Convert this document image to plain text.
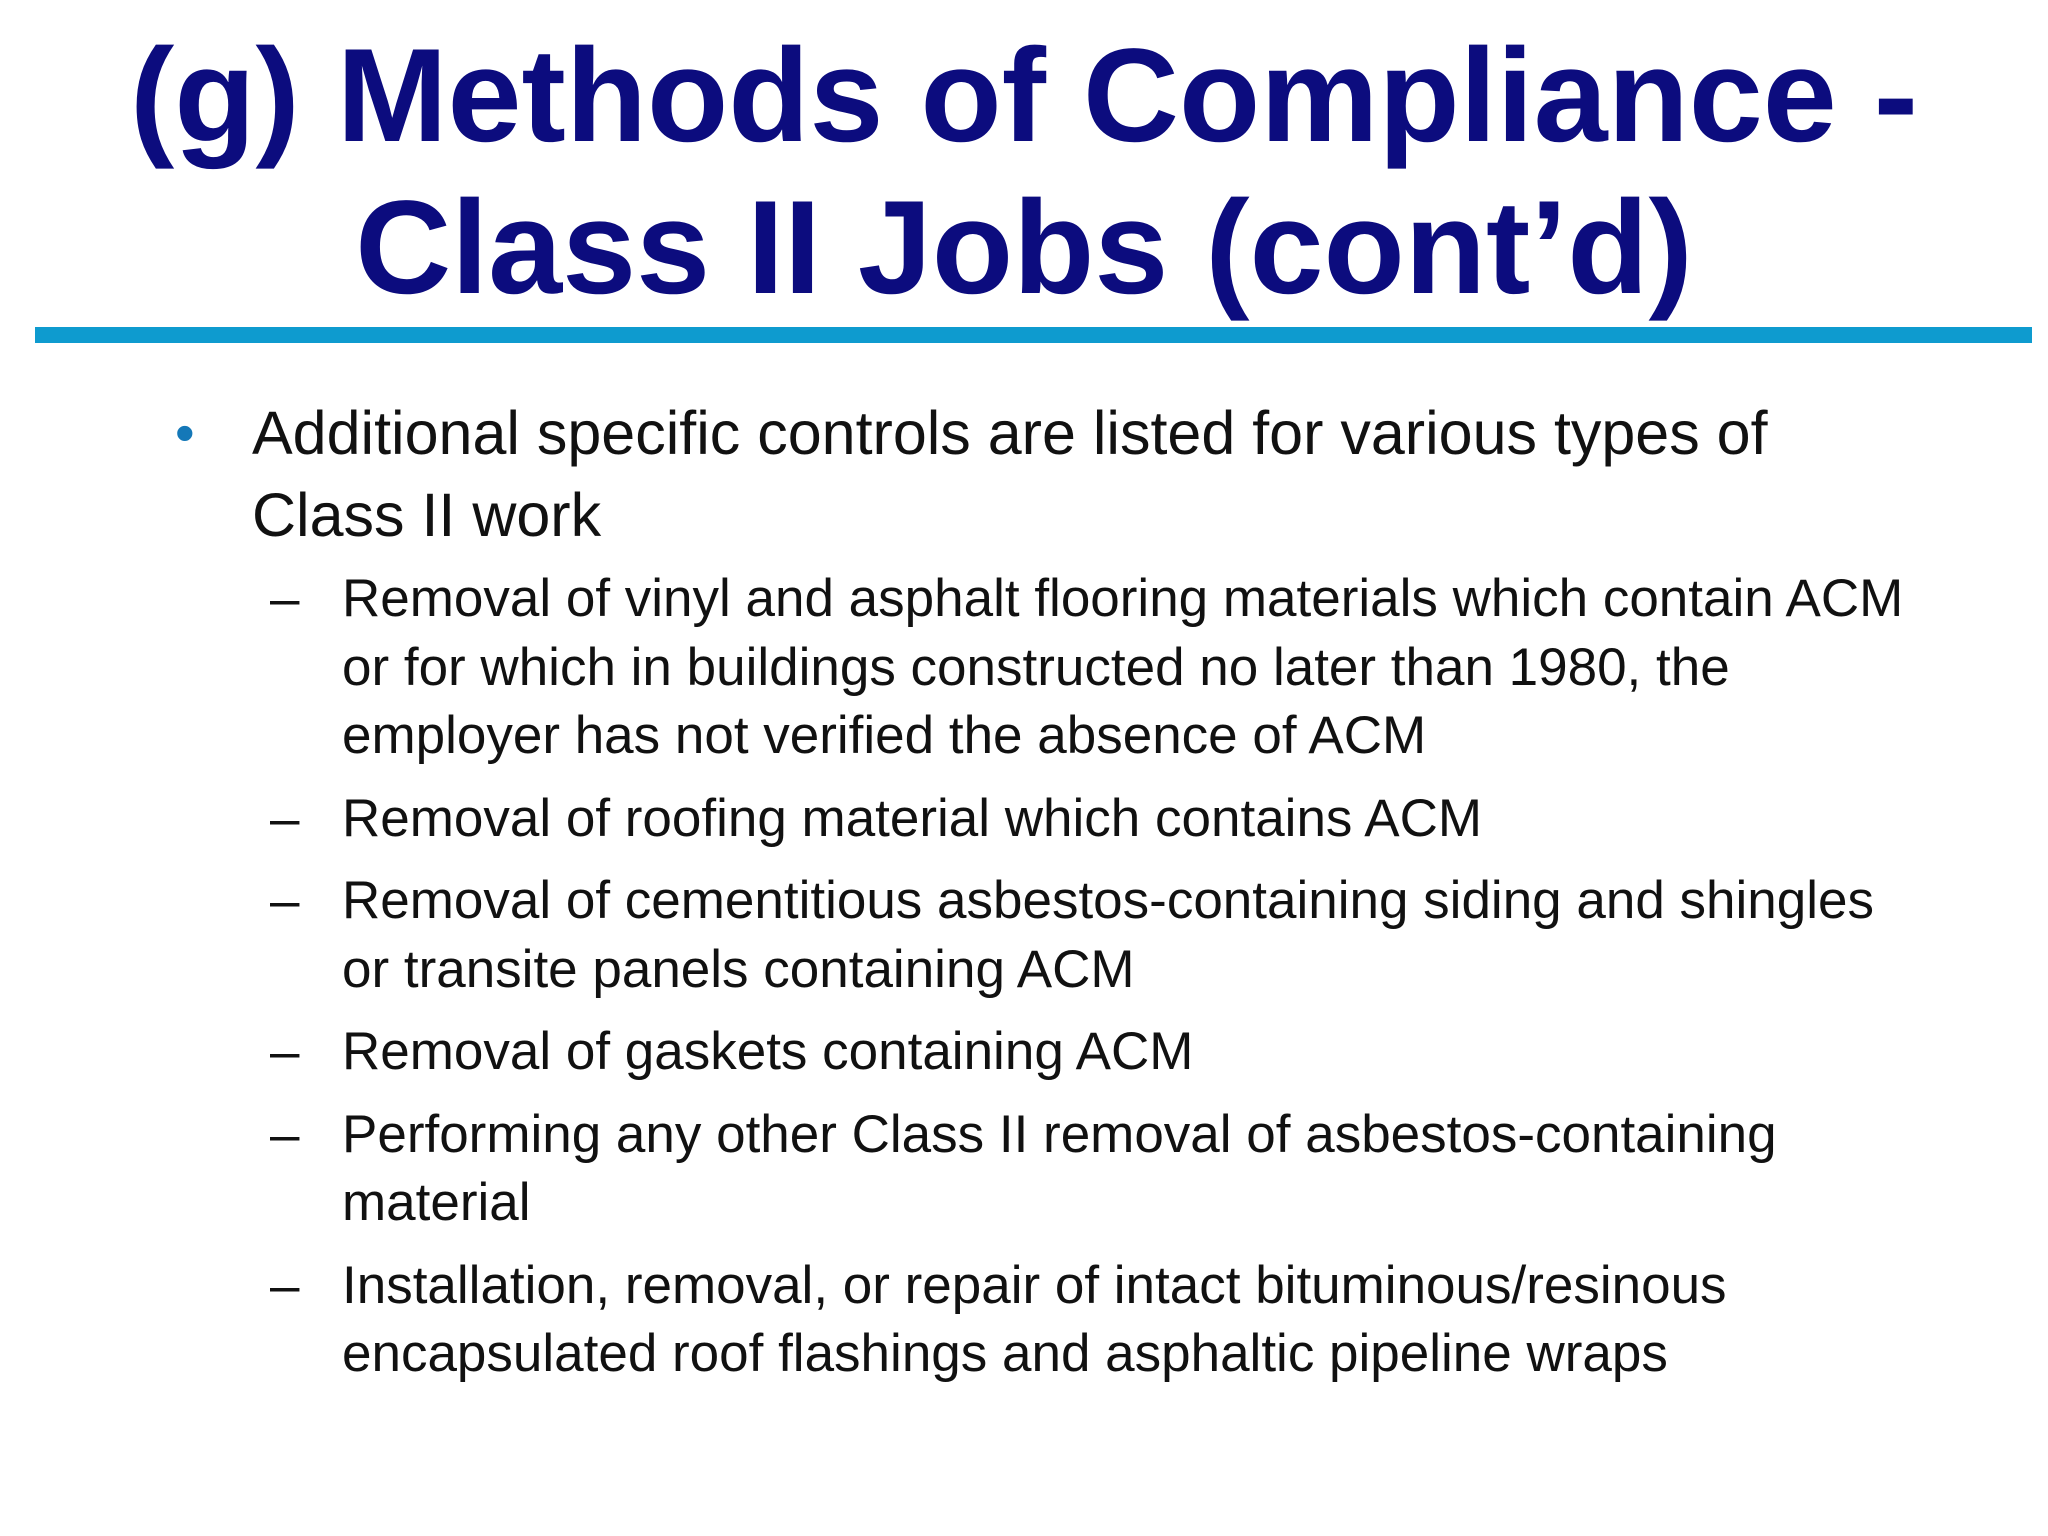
(g) Methods of Compliance -
Class II Jobs (cont’d)
• Additional specific controls are listed for various types of Class II work
– Removal of vinyl and asphalt flooring materials which contain ACM or for which in buildings constructed no later than 1980, the employer has not verified the absence of ACM
– Removal of roofing material which contains ACM
– Removal of cementitious asbestos-containing siding and shingles or transite panels containing ACM
– Removal of gaskets containing ACM
– Performing any other Class II removal of asbestos-containing material
– Installation, removal, or repair of intact bituminous/resinous encapsulated roof flashings and asphaltic pipeline wraps
